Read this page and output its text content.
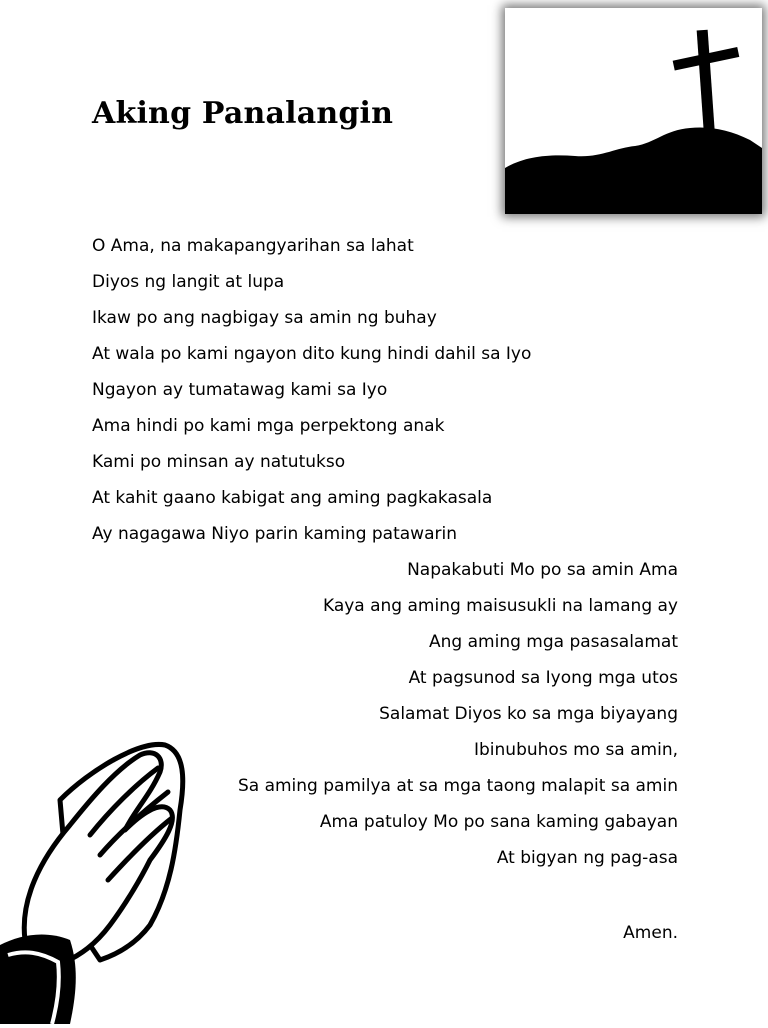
Aking Panalangin
O Ama, na makapangyarihan sa lahat
Diyos ng langit at lupa
Ikaw po ang nagbigay sa amin ng buhay
At wala po kami ngayon dito kung hindi dahil sa Iyo
Ngayon ay tumatawag kami sa Iyo
Ama hindi po kami mga perpektong anak
Kami po minsan ay natutukso
At kahit gaano kabigat ang aming pagkakasala
Ay nagagawa Niyo parin kaming patawarin
Napakabuti Mo po sa amin Ama
Kaya ang aming maisusukli na lamang ay
Ang aming mga pasasalamat
At pagsunod sa Iyong mga utos
Salamat Diyos ko sa mga biyayang
Ibinubuhos mo sa amin,
Sa aming pamilya at sa mga taong malapit sa amin
Ama patuloy Mo po sana kaming gabayan
At bigyan ng pag-asa
Amen.
